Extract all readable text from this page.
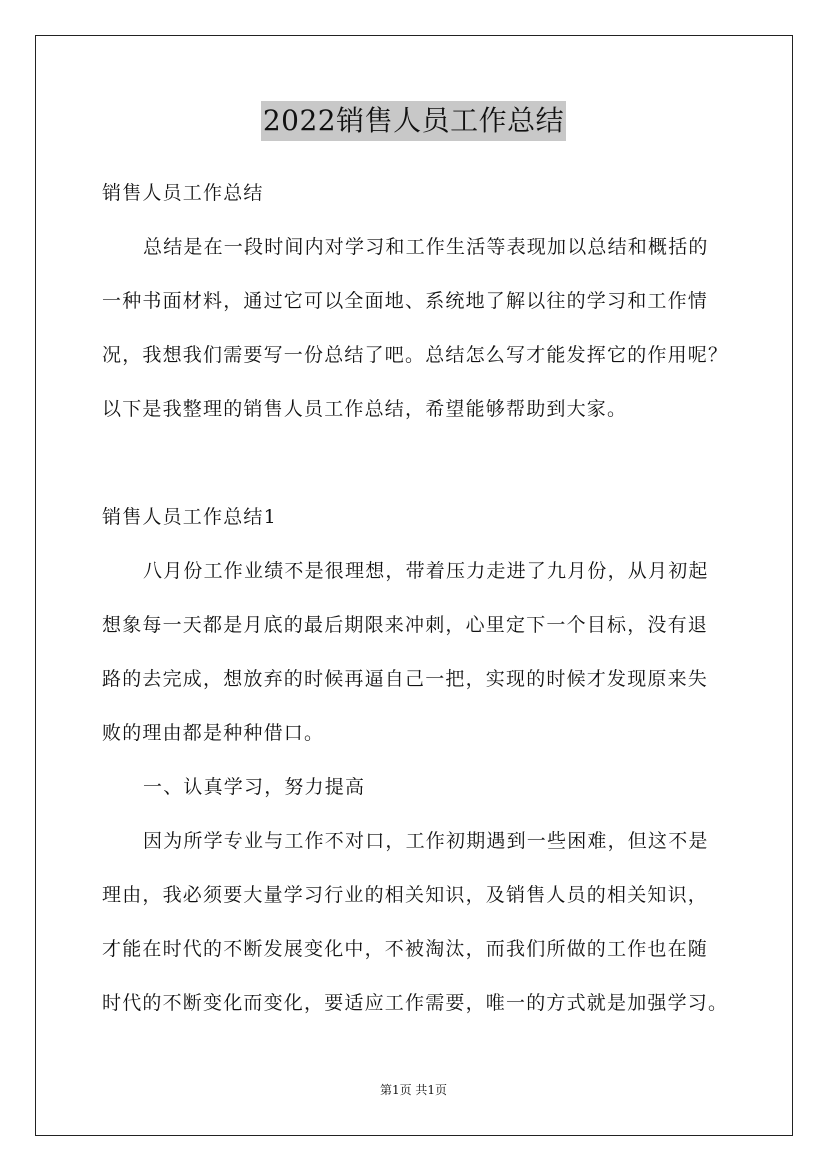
2022销售人员工作总结
销售人员工作总结
总结是在一段时间内对学习和工作生活等表现加以总结和概括的
一种书面材料，通过它可以全面地、系统地了解以往的学习和工作情
况，我想我们需要写一份总结了吧。总结怎么写才能发挥它的作用呢？
以下是我整理的销售人员工作总结，希望能够帮助到大家。
销售人员工作总结1
八月份工作业绩不是很理想，带着压力走进了九月份，从月初起
想象每一天都是月底的最后期限来冲刺，心里定下一个目标，没有退
路的去完成，想放弃的时候再逼自己一把，实现的时候才发现原来失
败的理由都是种种借口。
一、认真学习，努力提高
因为所学专业与工作不对口，工作初期遇到一些困难，但这不是
理由，我必须要大量学习行业的相关知识，及销售人员的相关知识，
才能在时代的不断发展变化中，不被淘汰，而我们所做的工作也在随
时代的不断变化而变化，要适应工作需要，唯一的方式就是加强学习。
第1页 共1页
